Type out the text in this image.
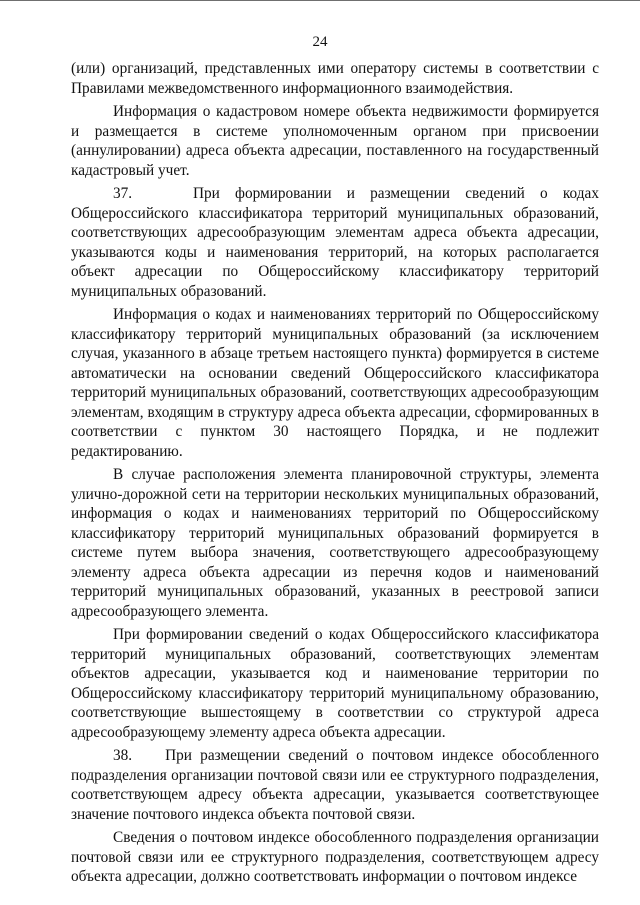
24

(или) организаций, представленных ими оператору системы в соответствии с Правилами межведомственного информационного взаимодействия.

Информация о кадастровом номере объекта недвижимости формируется и размещается в системе уполномоченным органом при присвоении (аннулировании) адреса объекта адресации, поставленного на государственный кадастровый учет.

37.    При формировании и размещении сведений о кодах Общероссийского классификатора территорий муниципальных образований, соответствующих адресообразующим элементам адреса объекта адресации, указываются коды и наименования территорий, на которых располагается объект адресации по Общероссийскому классификатору территорий муниципальных образований.

Информация о кодах и наименованиях территорий по Общероссийскому классификатору территорий муниципальных образований (за исключением случая, указанного в абзаце третьем настоящего пункта) формируется в системе автоматически на основании сведений Общероссийского классификатора территорий муниципальных образований, соответствующих адресообразующим элементам, входящим в структуру адреса объекта адресации, сформированных в соответствии с пунктом 30 настоящего Порядка, и не подлежит редактированию.

В случае расположения элемента планировочной структуры, элемента улично-дорожной сети на территории нескольких муниципальных образований, информация о кодах и наименованиях территорий по Общероссийскому классификатору территорий муниципальных образований формируется в системе путем выбора значения, соответствующего адресообразующему элементу адреса объекта адресации из перечня кодов и наименований территорий муниципальных образований, указанных в реестровой записи адресообразующего элемента.

При формировании сведений о кодах Общероссийского классификатора территорий муниципальных образований, соответствующих элементам объектов адресации, указывается код и наименование территории по Общероссийскому классификатору территорий муниципальному образованию, соответствующие вышестоящему в соответствии со структурой адреса адресообразующему элементу адреса объекта адресации.

38.    При размещении сведений о почтовом индексе обособленного подразделения организации почтовой связи или ее структурного подразделения, соответствующем адресу объекта адресации, указывается соответствующее значение почтового индекса объекта почтовой связи.

Сведения о почтовом индексе обособленного подразделения организации почтовой связи или ее структурного подразделения, соответствующем адресу объекта адресации, должно соответствовать информации о почтовом индексе
